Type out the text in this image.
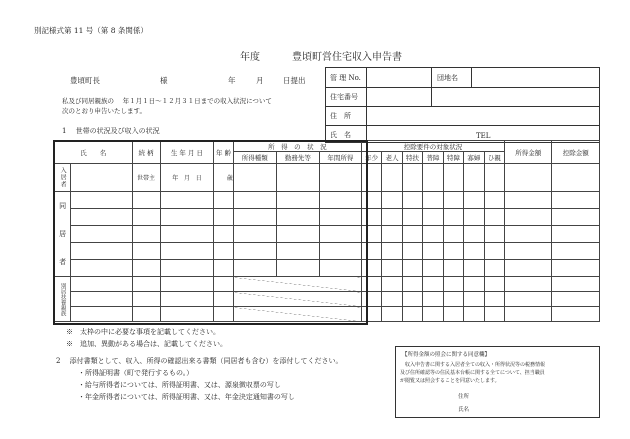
別記様式第 11 号（第 8 条関係）
年度	豊頃町営住宅収入申告書
豊頃町長	様	年	月	日提出	管 理 No.	団地名
住宅番号
住　所
氏　名	TEL
私及び同居親族の　 年１月１日～１２月３１日までの収入状況について
次のとおり申告いたします。
1　 世帯の状況及び収入の状況
氏　　名		続 柄	生 年 月 日	年 齢	所　得　の　状　況			控除要件の対象状況							所得金額	控除金額
					所得種類	勤務先等	年間所得	年少	老人	特扶	普障	特障	寡婦	ひ親		
入居者		世帯主	年 月 日	歳												

同
居
者																

別居扶養親族																

※　太枠の中に必要な事項を記載してください。
※　追加、異動がある場合は、記載してください。
2　 添付書類として、収入、所得の確認出来る書類（同居者も含む）を添付してください。
・所得証明書（町で発行するもの。）
・給与所得者については、所得証明書、又は、源泉徴収票の写し
・年金所得者については、所得証明書、又は、年金決定通知書の写し
【所得金額の照会に関する同意欄】
　収入申告書に関する入居者全ての収入・所得状況等の税務情報
及び住所確認等の住民基本台帳に関する全てについて、担当職員
が閲覧又は照会することを同意いたします。
住所
氏名
